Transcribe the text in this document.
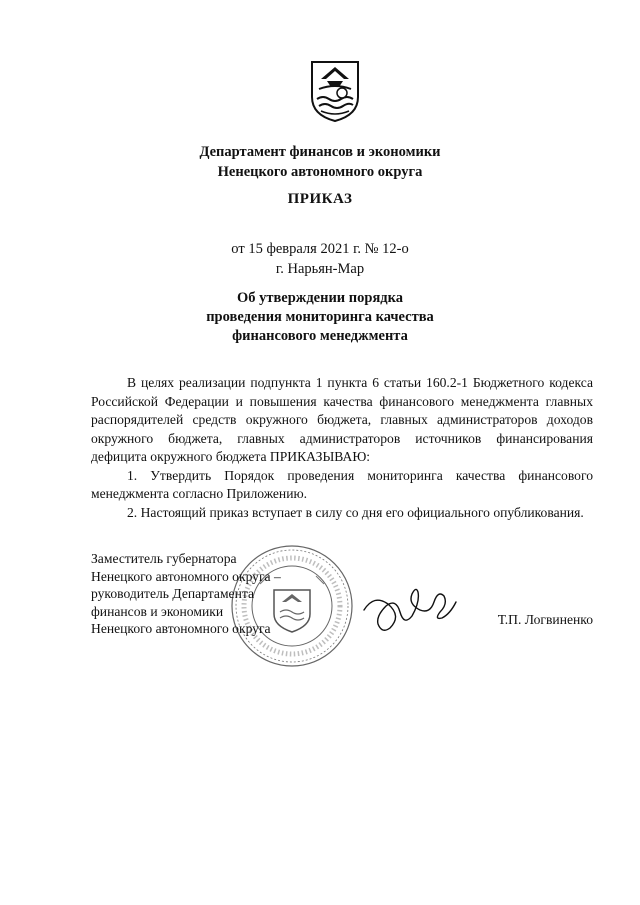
Департамент финансов и экономики
Ненецкого автономного округа
ПРИКАЗ
от 15 февраля 2021 г. № 12-о
г. Нарьян-Мар
Об утверждении порядка
проведения мониторинга качества
финансового менеджмента

В целях реализации подпункта 1 пункта 6 статьи 160.2-1 Бюджетного кодекса Российской Федерации и повышения качества финансового менеджмента главных распорядителей средств окружного бюджета, главных администраторов доходов окружного бюджета, главных администраторов источников финансирования дефицита окружного бюджета ПРИКАЗЫВАЮ:

1. Утвердить Порядок проведения мониторинга качества финансового менеджмента согласно Приложению.

2. Настоящий приказ вступает в силу со дня его официального опубликования.

Заместитель губернатора
Ненецкого автономного округа –
руководитель Департамента
финансов и экономики
Ненецкого автономного округа
Т.П. Логвиненко
